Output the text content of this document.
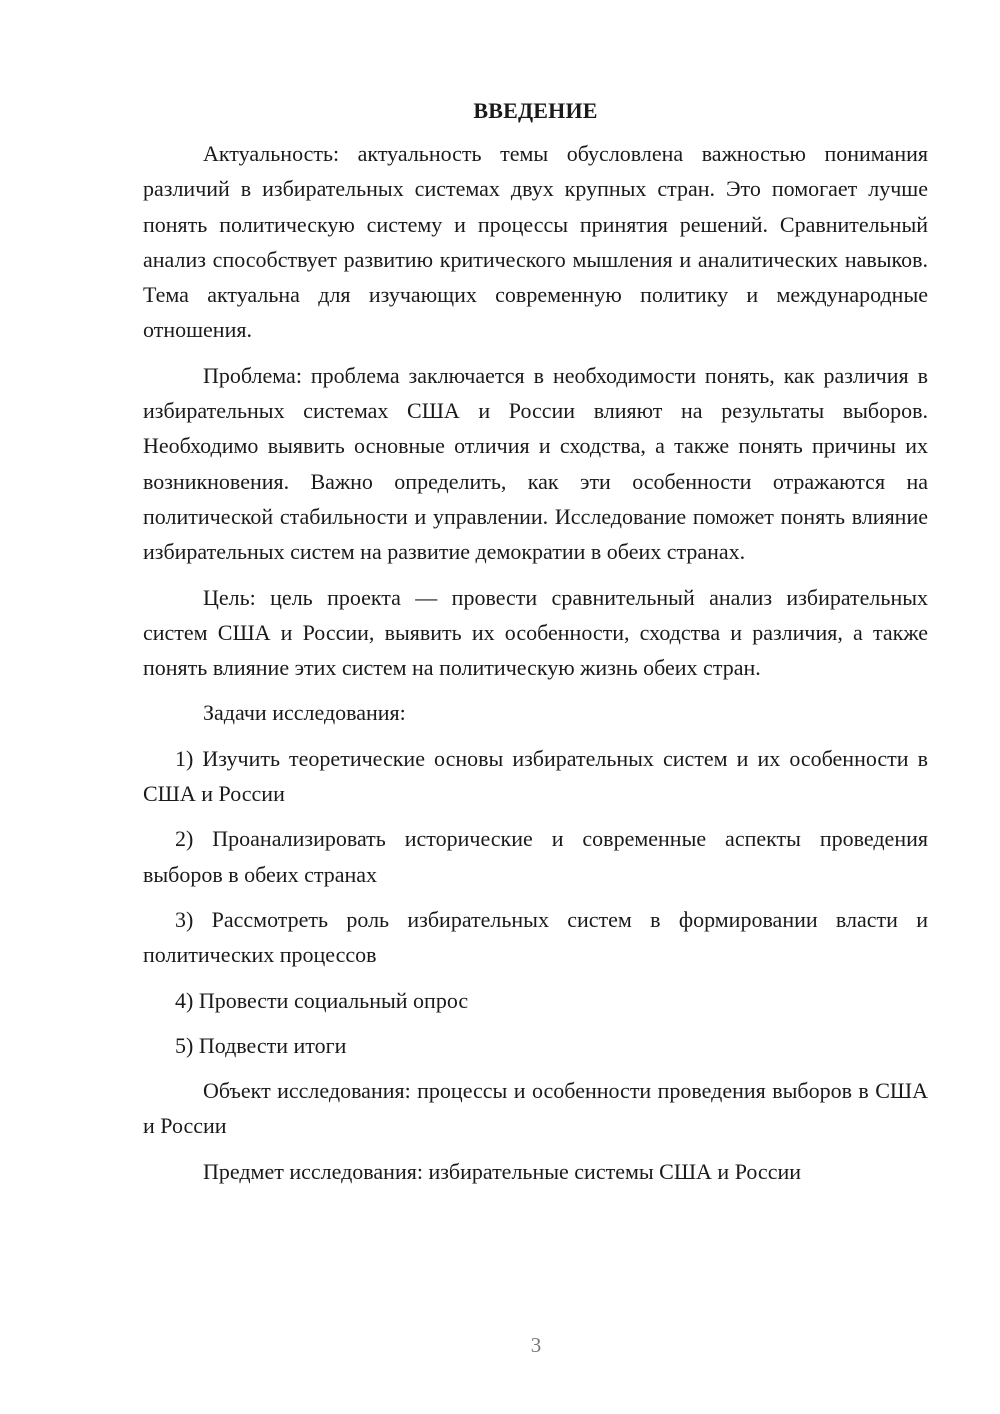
ВВЕДЕНИЕ

Актуальность: актуальность темы обусловлена важностью понимания различий в избирательных системах двух крупных стран. Это помогает лучше понять политическую систему и процессы принятия решений. Сравнительный анализ способствует развитию критического мышления и аналитических навыков. Тема актуальна для изучающих современную политику и международные отношения.

Проблема: проблема заключается в необходимости понять, как различия в избирательных системах США и России влияют на результаты выборов. Необходимо выявить основные отличия и сходства, а также понять причины их возникновения. Важно определить, как эти особенности отражаются на политической стабильности и управлении. Исследование поможет понять влияние избирательных систем на развитие демократии в обеих странах.

Цель: цель проекта — провести сравнительный анализ избирательных систем США и России, выявить их особенности, сходства и различия, а также понять влияние этих систем на политическую жизнь обеих стран.

Задачи исследования:

1) Изучить теоретические основы избирательных систем и их особенности в США и России

2) Проанализировать исторические и современные аспекты проведения выборов в обеих странах

3) Рассмотреть роль избирательных систем в формировании власти и политических процессов

4) Провести социальный опрос

5) Подвести итоги

Объект исследования: процессы и особенности проведения выборов в США и России

Предмет исследования: избирательные системы США и России

3
